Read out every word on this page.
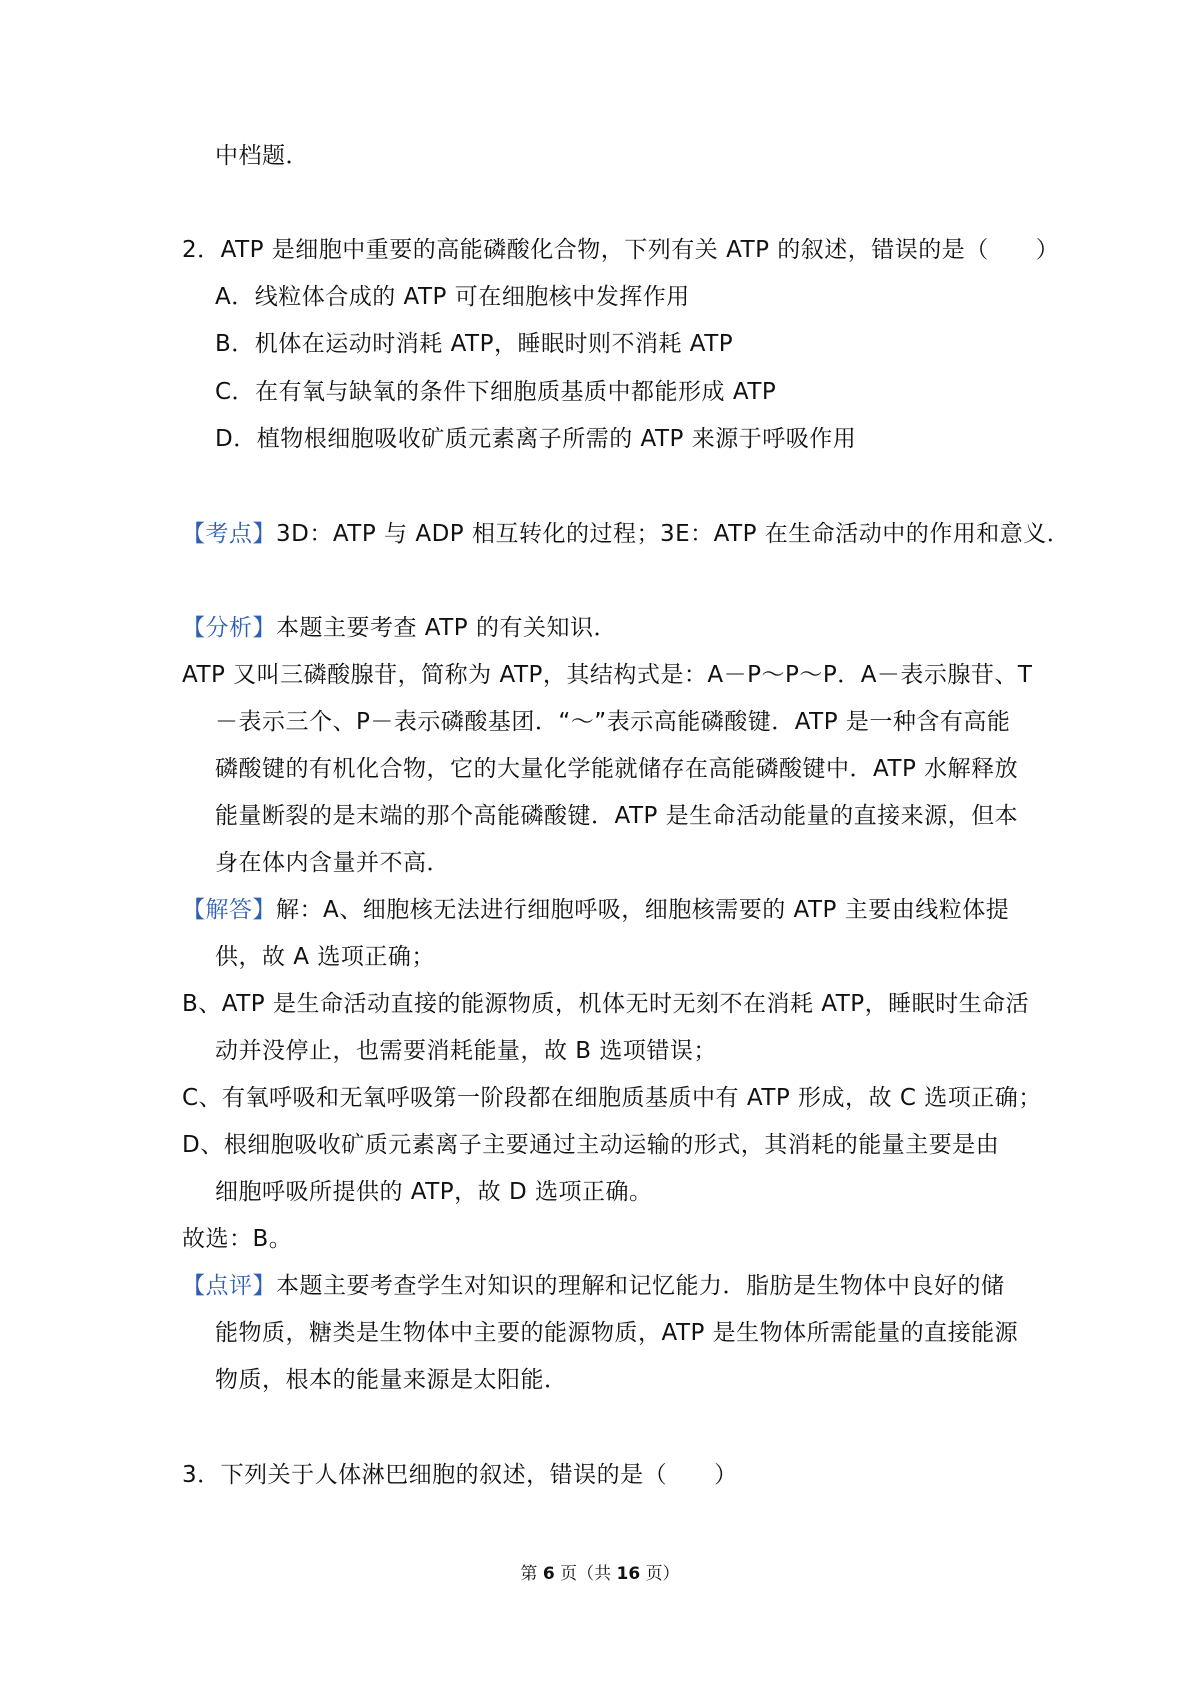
中档题．
2．ATP 是细胞中重要的高能磷酸化合物，下列有关 ATP 的叙述，错误的是（　　）
A．线粒体合成的 ATP 可在细胞核中发挥作用
B．机体在运动时消耗 ATP，睡眠时则不消耗 ATP
C．在有氧与缺氧的条件下细胞质基质中都能形成 ATP
D．植物根细胞吸收矿质元素离子所需的 ATP 来源于呼吸作用
【考点】3D：ATP 与 ADP 相互转化的过程；3E：ATP 在生命活动中的作用和意义．
【分析】本题主要考查 ATP 的有关知识．
ATP 又叫三磷酸腺苷，简称为 ATP，其结构式是：A－P～P～P．A－表示腺苷、T
－表示三个、P－表示磷酸基团．“～”表示高能磷酸键．ATP 是一种含有高能
磷酸键的有机化合物，它的大量化学能就储存在高能磷酸键中．ATP 水解释放
能量断裂的是末端的那个高能磷酸键．ATP 是生命活动能量的直接来源，但本
身在体内含量并不高．
【解答】解：A、细胞核无法进行细胞呼吸，细胞核需要的 ATP 主要由线粒体提
供，故 A 选项正确；
B、ATP 是生命活动直接的能源物质，机体无时无刻不在消耗 ATP，睡眠时生命活
动并没停止，也需要消耗能量，故 B 选项错误；
C、有氧呼吸和无氧呼吸第一阶段都在细胞质基质中有 ATP 形成，故 C 选项正确；
D、根细胞吸收矿质元素离子主要通过主动运输的形式，其消耗的能量主要是由
细胞呼吸所提供的 ATP，故 D 选项正确。
故选：B。
【点评】本题主要考查学生对知识的理解和记忆能力．脂肪是生物体中良好的储
能物质，糖类是生物体中主要的能源物质，ATP 是生物体所需能量的直接能源
物质，根本的能量来源是太阳能．
3．下列关于人体淋巴细胞的叙述，错误的是（　　）
第 6 页（共 16 页）
